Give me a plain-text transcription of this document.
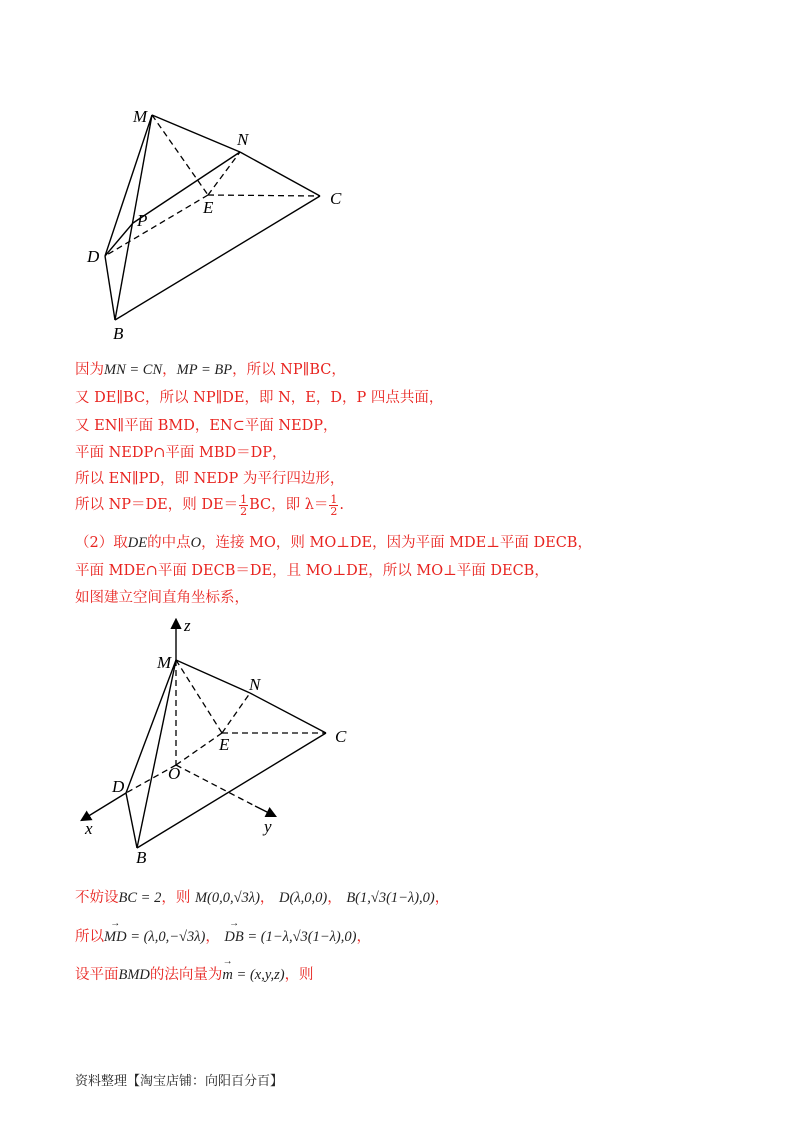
M
N
E	C
P
D
B
因为MN = CN，MP = BP，所以 NP∥BC，
又 DE∥BC，所以 NP∥DE，即 N，E，D，P 四点共面，
又 EN∥平面 BMD，EN⊂平面 NEDP，
平面 NEDP∩平面 MBD＝DP，
所以 EN∥PD，即 NEDP 为平行四边形，
所以 NP＝DE，则 $DE= \frac{1}{2}$ BC，即 $\lambda= \frac{1}{2}$ .
（2）取DE的中点O，连接 MO，则 MO⊥DE，因为平面 MDE⊥平面 DECB，
平面 MDE∩平面 DECB＝DE，且 MO⊥DE，所以 MO⊥平面 DECB，
如图建立空间直角坐标系，
z
M
N
E	C
O
D
x	y
B
不妨设BC = 2，则 M(0,0,√3λ)， D(λ,0,0)， B(1,√3(1−λ),0)，
所以→ MD = (λ,0,−√3λ)， → DB = (1−λ,√3(1−λ),0)，
设平面BMD的法向量为→ m = (x,y,z)，则
资料整理【淘宝店铺：向阳百分百】
